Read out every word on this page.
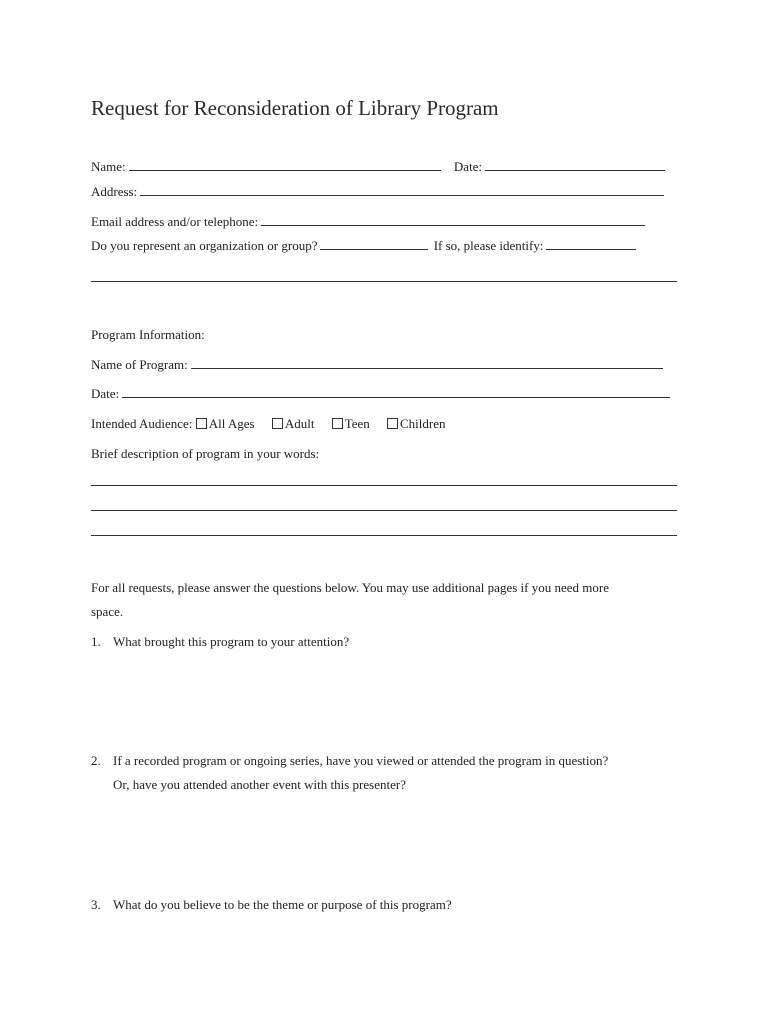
Request for Reconsideration of Library Program
Name:	Date:
Address:
Email address and/or telephone:
Do you represent an organization or group?	If so, please identify:
Program Information:
Name of Program:
Date:
Intended Audience: All Ages Adult Teen Children
Brief description of program in your words:
For all requests, please answer the questions below. You may use additional pages if you need more
space.
1. What brought this program to your attention?
2. If a recorded program or ongoing series, have you viewed or attended the program in question?
Or, have you attended another event with this presenter?
3. What do you believe to be the theme or purpose of this program?
